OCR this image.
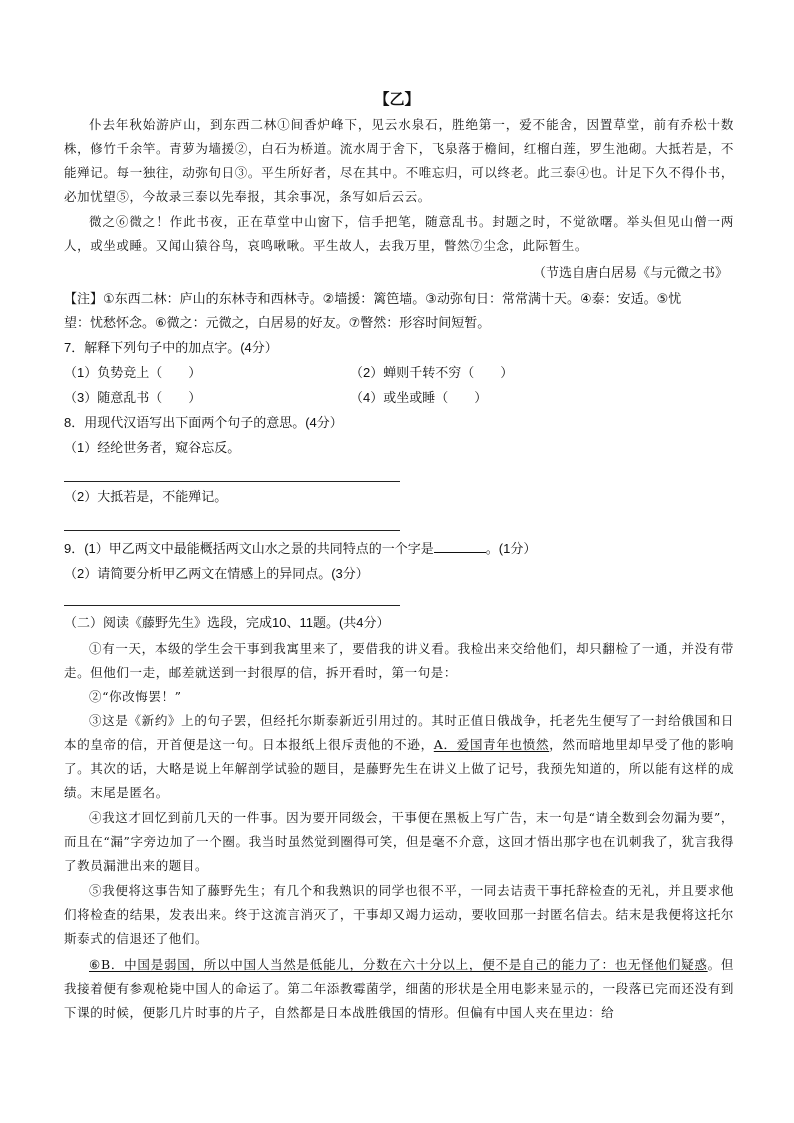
【乙】
仆去年秋始游庐山，到东西二林①间香炉峰下，见云水泉石，胜绝第一，爱不能舍，因置草堂，前有乔松十数株，修竹千余竿。青萝为墙援②，白石为桥道。流水周于舍下，飞泉落于檐间，红榴白莲，罗生池砌。大抵若是，不能殚记。每一独往，动弥旬日③。平生所好者，尽在其中。不唯忘归，可以终老。此三泰④也。计足下久不得仆书，必加忧望⑤，今故录三泰以先奉报，其余事况，条写如后云云。
微之⑥微之！作此书夜，正在草堂中山窗下，信手把笔，随意乱书。封题之时，不觉欲曙。举头但见山僧一两人，或坐或睡。又闻山猿谷鸟，哀鸣啾啾。平生故人，去我万里，瞥然⑦尘念，此际暂生。
（节选自唐白居易《与元微之书》
【注】①东西二林：庐山的东林寺和西林寺。②墙援：篱笆墙。③动弥旬日：常常满十天。④泰：安适。⑤忧
望：忧愁怀念。⑥微之：元微之，白居易的好友。⑦瞥然：形容时间短暂。
7．解释下列句子中的加点字。(4分）
（1）负势竞上（　　）	（2）蝉则千转不穷（　　）
（3）随意乱书（　　）	（4）或坐或睡（　　）
8．用现代汉语写出下面两个句子的意思。(4分）
（1）经纶世务者，窥谷忘反。
（2）大抵若是，不能殚记。
9．(1）甲乙两文中最能概括两文山水之景的共同特点的一个字是	。(1分）
（2）请简要分析甲乙两文在情感上的异同点。(3分）
（二）阅读《藤野先生》选段，完成10、11题。(共4分）
①有一天，本级的学生会干事到我寓里来了，要借我的讲义看。我检出来交给他们，却只翻检了一通，并没有带走。但他们一走，邮差就送到一封很厚的信，拆开看时，第一句是：
②“你改悔罢！”
③这是《新约》上的句子罢，但经托尔斯泰新近引用过的。其时正值日俄战争，托老先生便写了一封给俄国和日本的皇帝的信，开首便是这一句。日本报纸上很斥责他的不逊，A．爱国青年也愤然，然而暗地里却早受了他的影响了。其次的话，大略是说上年解剖学试验的题目，是藤野先生在讲义上做了记号，我预先知道的，所以能有这样的成绩。末尾是匿名。
④我这才回忆到前几天的一件事。因为要开同级会，干事便在黑板上写广告，末一句是“请全数到会勿漏为要”，而且在“漏”字旁边加了一个圈。我当时虽然觉到圈得可笑，但是毫不介意，这回才悟出那字也在讥刺我了，犹言我得了教员漏泄出来的题目。
⑤我便将这事告知了藤野先生；有几个和我熟识的同学也很不平，一同去诘责干事托辞检查的无礼，并且要求他们将检查的结果，发表出来。终于这流言消灭了，干事却又竭力运动，要收回那一封匿名信去。结末是我便将这托尔斯泰式的信退还了他们。
⑥B．中国是弱国，所以中国人当然是低能儿，分数在六十分以上，便不是自己的能力了：也无怪他们疑惑。但我接着便有参观枪毙中国人的命运了。第二年添教霉菌学，细菌的形状是全用电影来显示的，一段落已完而还没有到下课的时候，便影几片时事的片子，自然都是日本战胜俄国的情形。但偏有中国人夹在里边：给
